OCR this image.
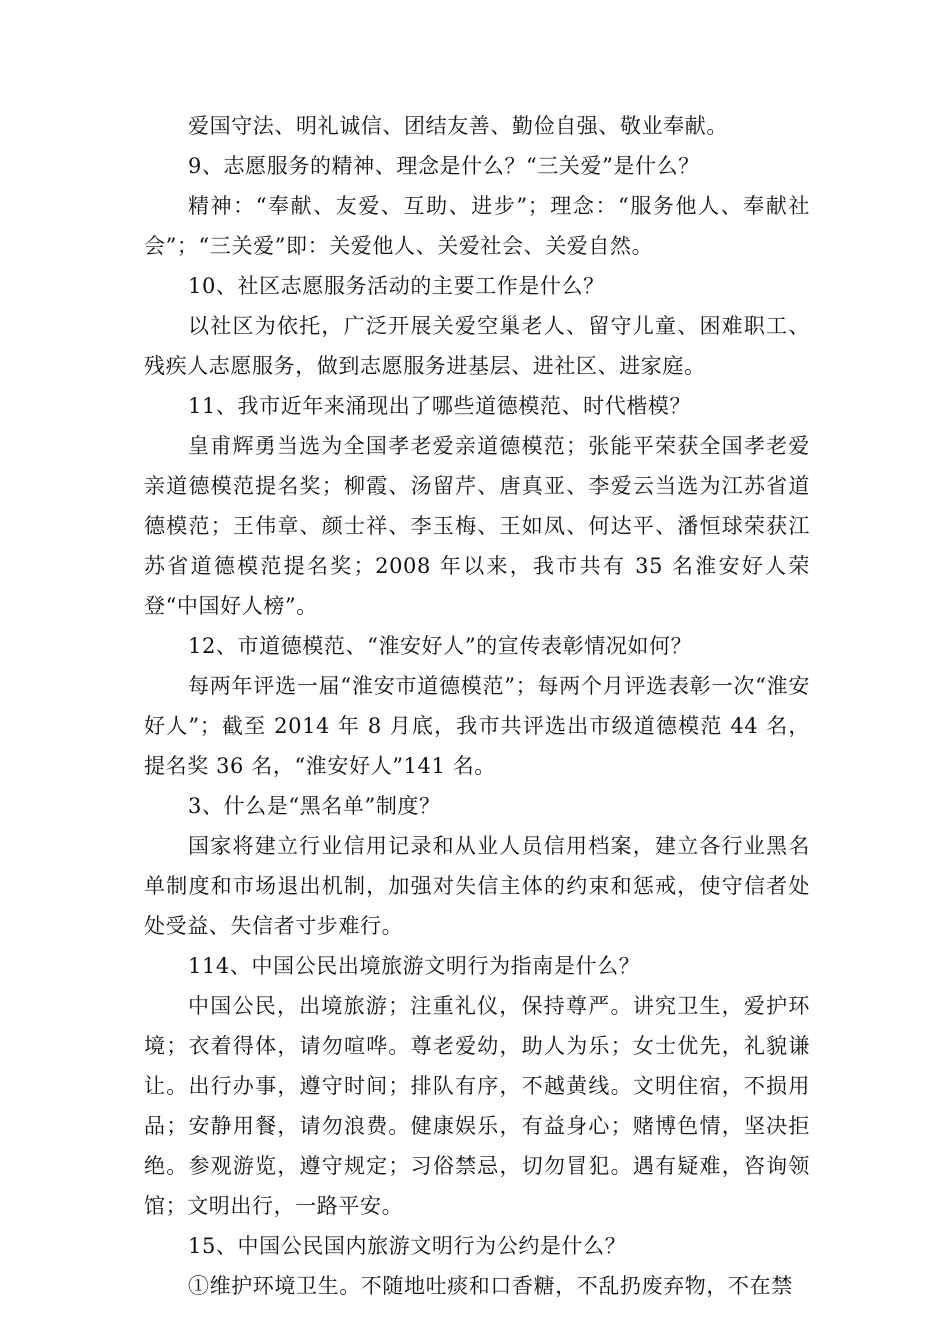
爱国守法、明礼诚信、团结友善、勤俭自强、敬业奉献。

9、志愿服务的精神、理念是什么？“三关爱”是什么？

精神：“奉献、友爱、互助、进步”；理念：“服务他人、奉献社会”；“三关爱”即：关爱他人、关爱社会、关爱自然。

10、社区志愿服务活动的主要工作是什么？

以社区为依托，广泛开展关爱空巢老人、留守儿童、困难职工、残疾人志愿服务，做到志愿服务进基层、进社区、进家庭。

11、我市近年来涌现出了哪些道德模范、时代楷模？

皇甫辉勇当选为全国孝老爱亲道德模范；张能平荣获全国孝老爱亲道德模范提名奖；柳霞、汤留芹、唐真亚、李爱云当选为江苏省道德模范；王伟章、颜士祥、李玉梅、王如凤、何达平、潘恒球荣获江苏省道德模范提名奖；2008 年以来，我市共有 35 名淮安好人荣登“中国好人榜”。

12、市道德模范、“淮安好人”的宣传表彰情况如何？

每两年评选一届“淮安市道德模范”；每两个月评选表彰一次“淮安好人”；截至 2014 年 8 月底，我市共评选出市级道德模范 44 名，提名奖 36 名，“淮安好人”141 名。

3、什么是“黑名单”制度？

国家将建立行业信用记录和从业人员信用档案，建立各行业黑名单制度和市场退出机制，加强对失信主体的约束和惩戒，使守信者处处受益、失信者寸步难行。

114、中国公民出境旅游文明行为指南是什么？

中国公民，出境旅游；注重礼仪，保持尊严。讲究卫生，爱护环境；衣着得体，请勿喧哗。尊老爱幼，助人为乐；女士优先，礼貌谦让。出行办事，遵守时间；排队有序，不越黄线。文明住宿，不损用品；安静用餐，请勿浪费。健康娱乐，有益身心；赌博色情，坚决拒绝。参观游览，遵守规定；习俗禁忌，切勿冒犯。遇有疑难，咨询领馆；文明出行，一路平安。

15、中国公民国内旅游文明行为公约是什么？

①维护环境卫生。不随地吐痰和口香糖，不乱扔废弃物，不在禁
